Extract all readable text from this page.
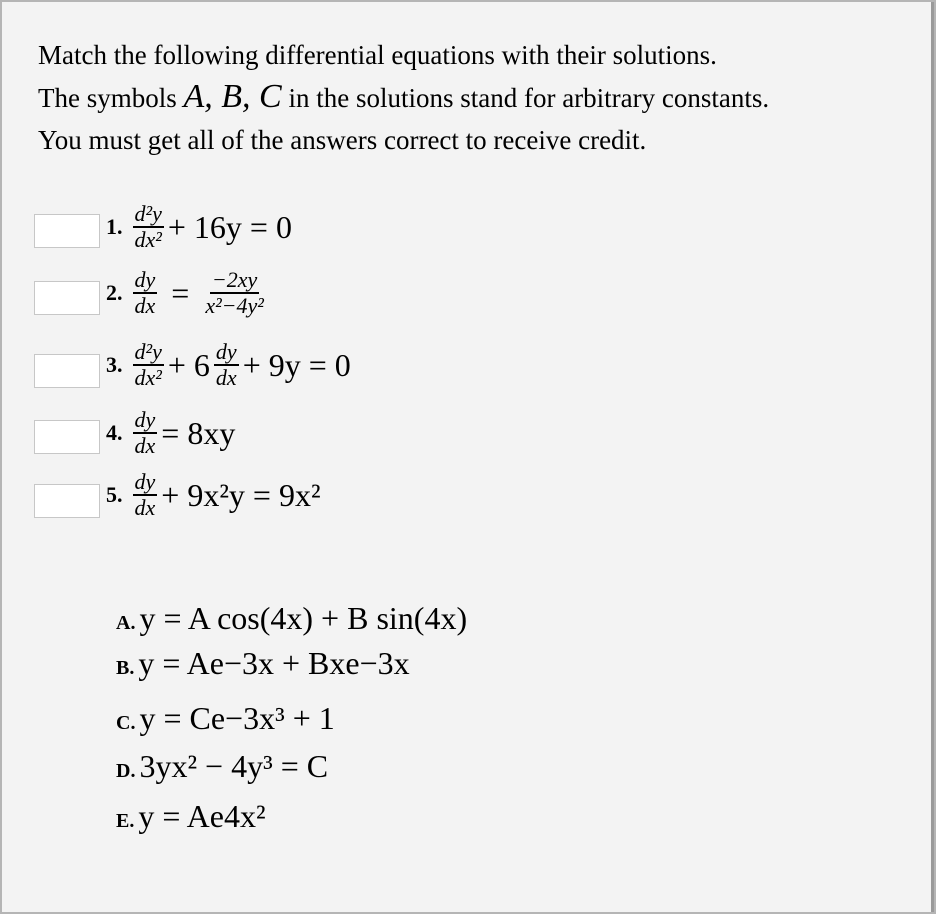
Match the following differential equations with their solutions.
The symbols A, B, C in the solutions stand for arbitrary constants.
You must get all of the answers correct to receive credit.
1. $\frac{\text{d²y}}{\text{dx²}} + 16y = 0$
2. $\frac{dy}{dx} = \frac{-2xy}{\text{x²−4y²}}$
3. $\frac{\text{d²y}}{\text{dx²}} + 6 \frac{dy}{dx} + 9y = 0$
4. $\frac{dy}{dx} = 8xy$
5. $\frac{dy}{dx} + 9x^2y = 9x^2$
A. y = A cos(4x) + B sin(4x)
B. y = Ae−3x + Bxe−3x
C. y = Ce−3x³ + 1
D. 3yx² − 4y³ = C
E. y = Ae4x²
